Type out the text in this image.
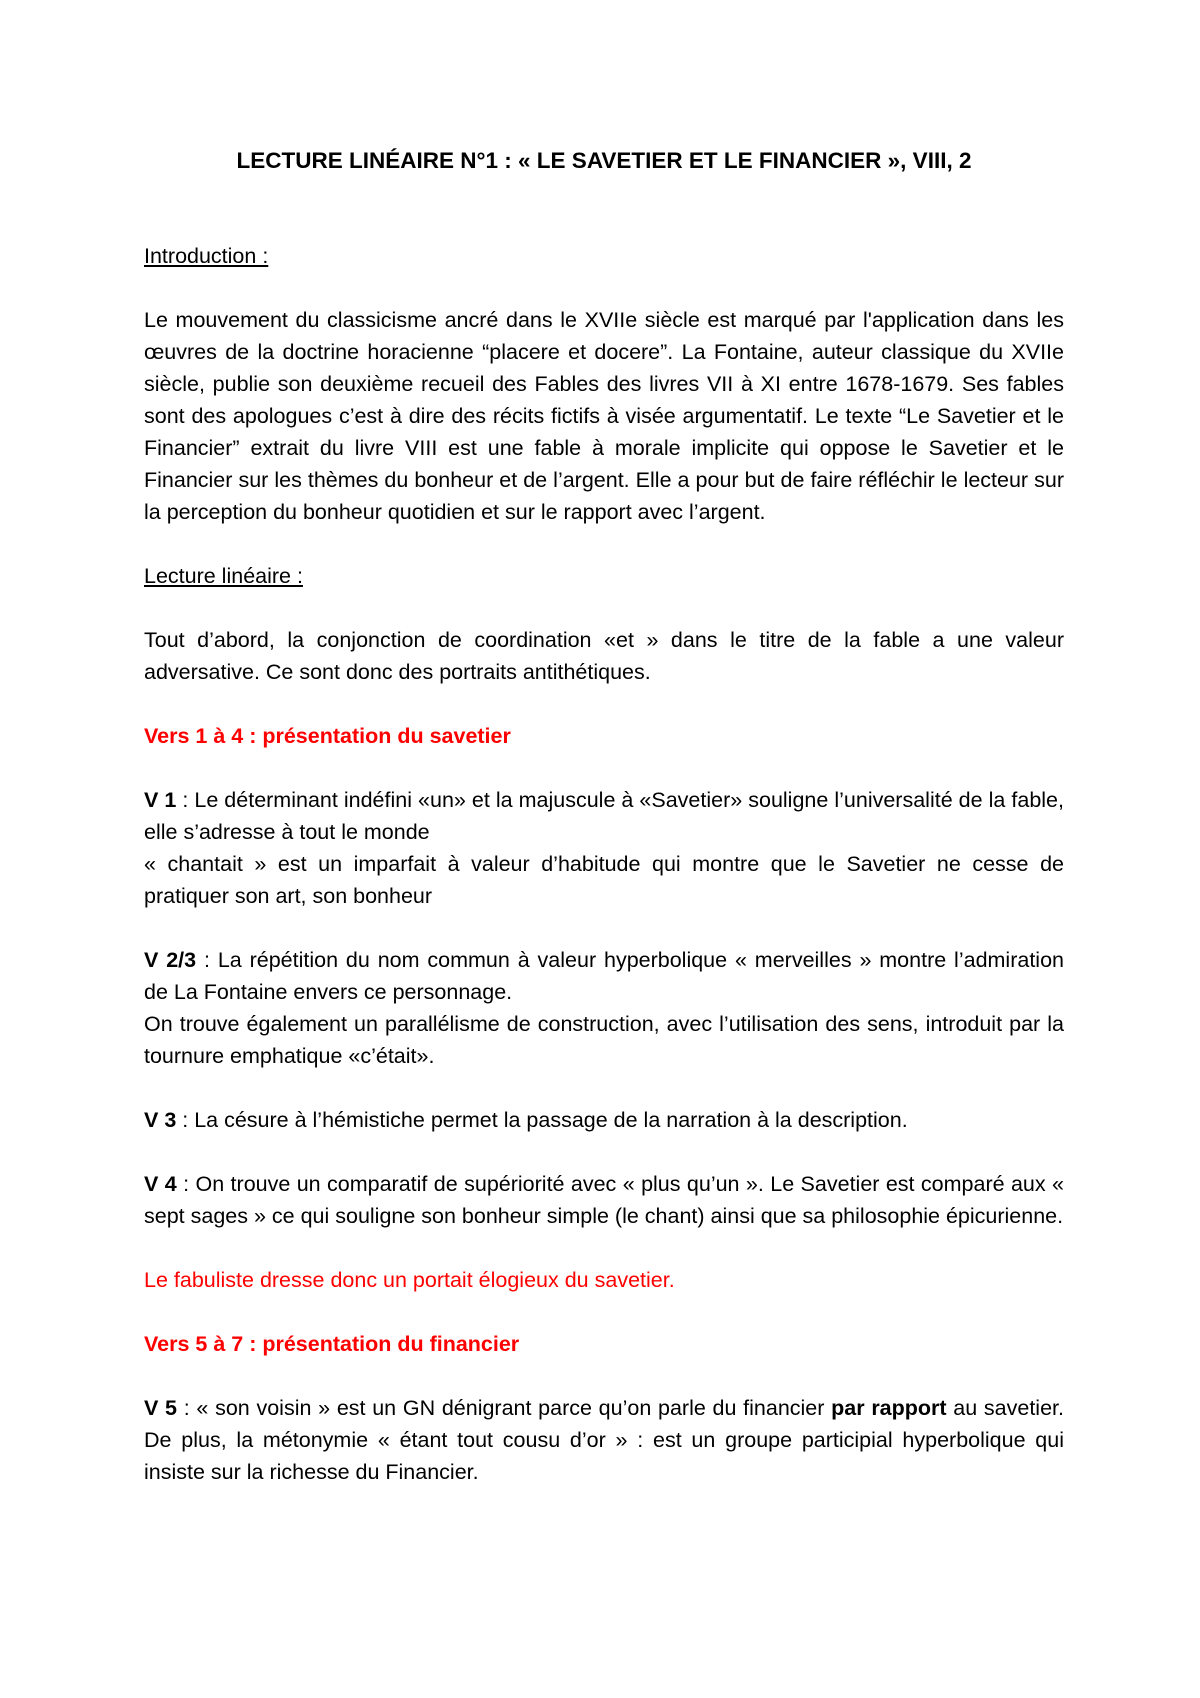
LECTURE LINÉAIRE N°1 : « LE SAVETIER ET LE FINANCIER », VIII, 2

Introduction :

Le mouvement du classicisme ancré dans le XVIIe siècle est marqué par l'application dans les œuvres de la doctrine horacienne “placere et docere”. La Fontaine, auteur classique du XVIIe siècle, publie son deuxième recueil des Fables des livres VII à XI entre 1678-1679. Ses fables sont des apologues c’est à dire des récits fictifs à visée argumentatif. Le texte “Le Savetier et le Financier” extrait du livre VIII est une fable à morale implicite qui oppose le Savetier et le Financier sur les thèmes du bonheur et de l’argent. Elle a pour but de faire réfléchir le lecteur sur la perception du bonheur quotidien et sur le rapport avec l’argent.

Lecture linéaire :

Tout d’abord, la conjonction de coordination «et » dans le titre de la fable a une valeur adversative. Ce sont donc des portraits antithétiques.

Vers 1 à 4 : présentation du savetier

V 1 : Le déterminant indéfini «un» et la majuscule à «Savetier» souligne l’universalité de la fable, elle s’adresse à tout le monde

« chantait » est un imparfait à valeur d’habitude qui montre que le Savetier ne cesse de pratiquer son art, son bonheur

V 2/3 : La répétition du nom commun à valeur hyperbolique « merveilles » montre l’admiration de La Fontaine envers ce personnage.

On trouve également un parallélisme de construction, avec l’utilisation des sens, introduit par la tournure emphatique «c’était».

V 3 : La césure à l’hémistiche permet la passage de la narration à la description.

V 4 : On trouve un comparatif de supériorité avec « plus qu’un ». Le Savetier est comparé aux « sept sages » ce qui souligne son bonheur simple (le chant) ainsi que sa philosophie épicurienne.

Le fabuliste dresse donc un portait élogieux du savetier.

Vers 5 à 7 : présentation du financier

V 5 : « son voisin » est un GN dénigrant parce qu’on parle du financier par rapport au savetier. De plus, la métonymie « étant tout cousu d’or » : est un groupe participial hyperbolique qui insiste sur la richesse du Financier.
